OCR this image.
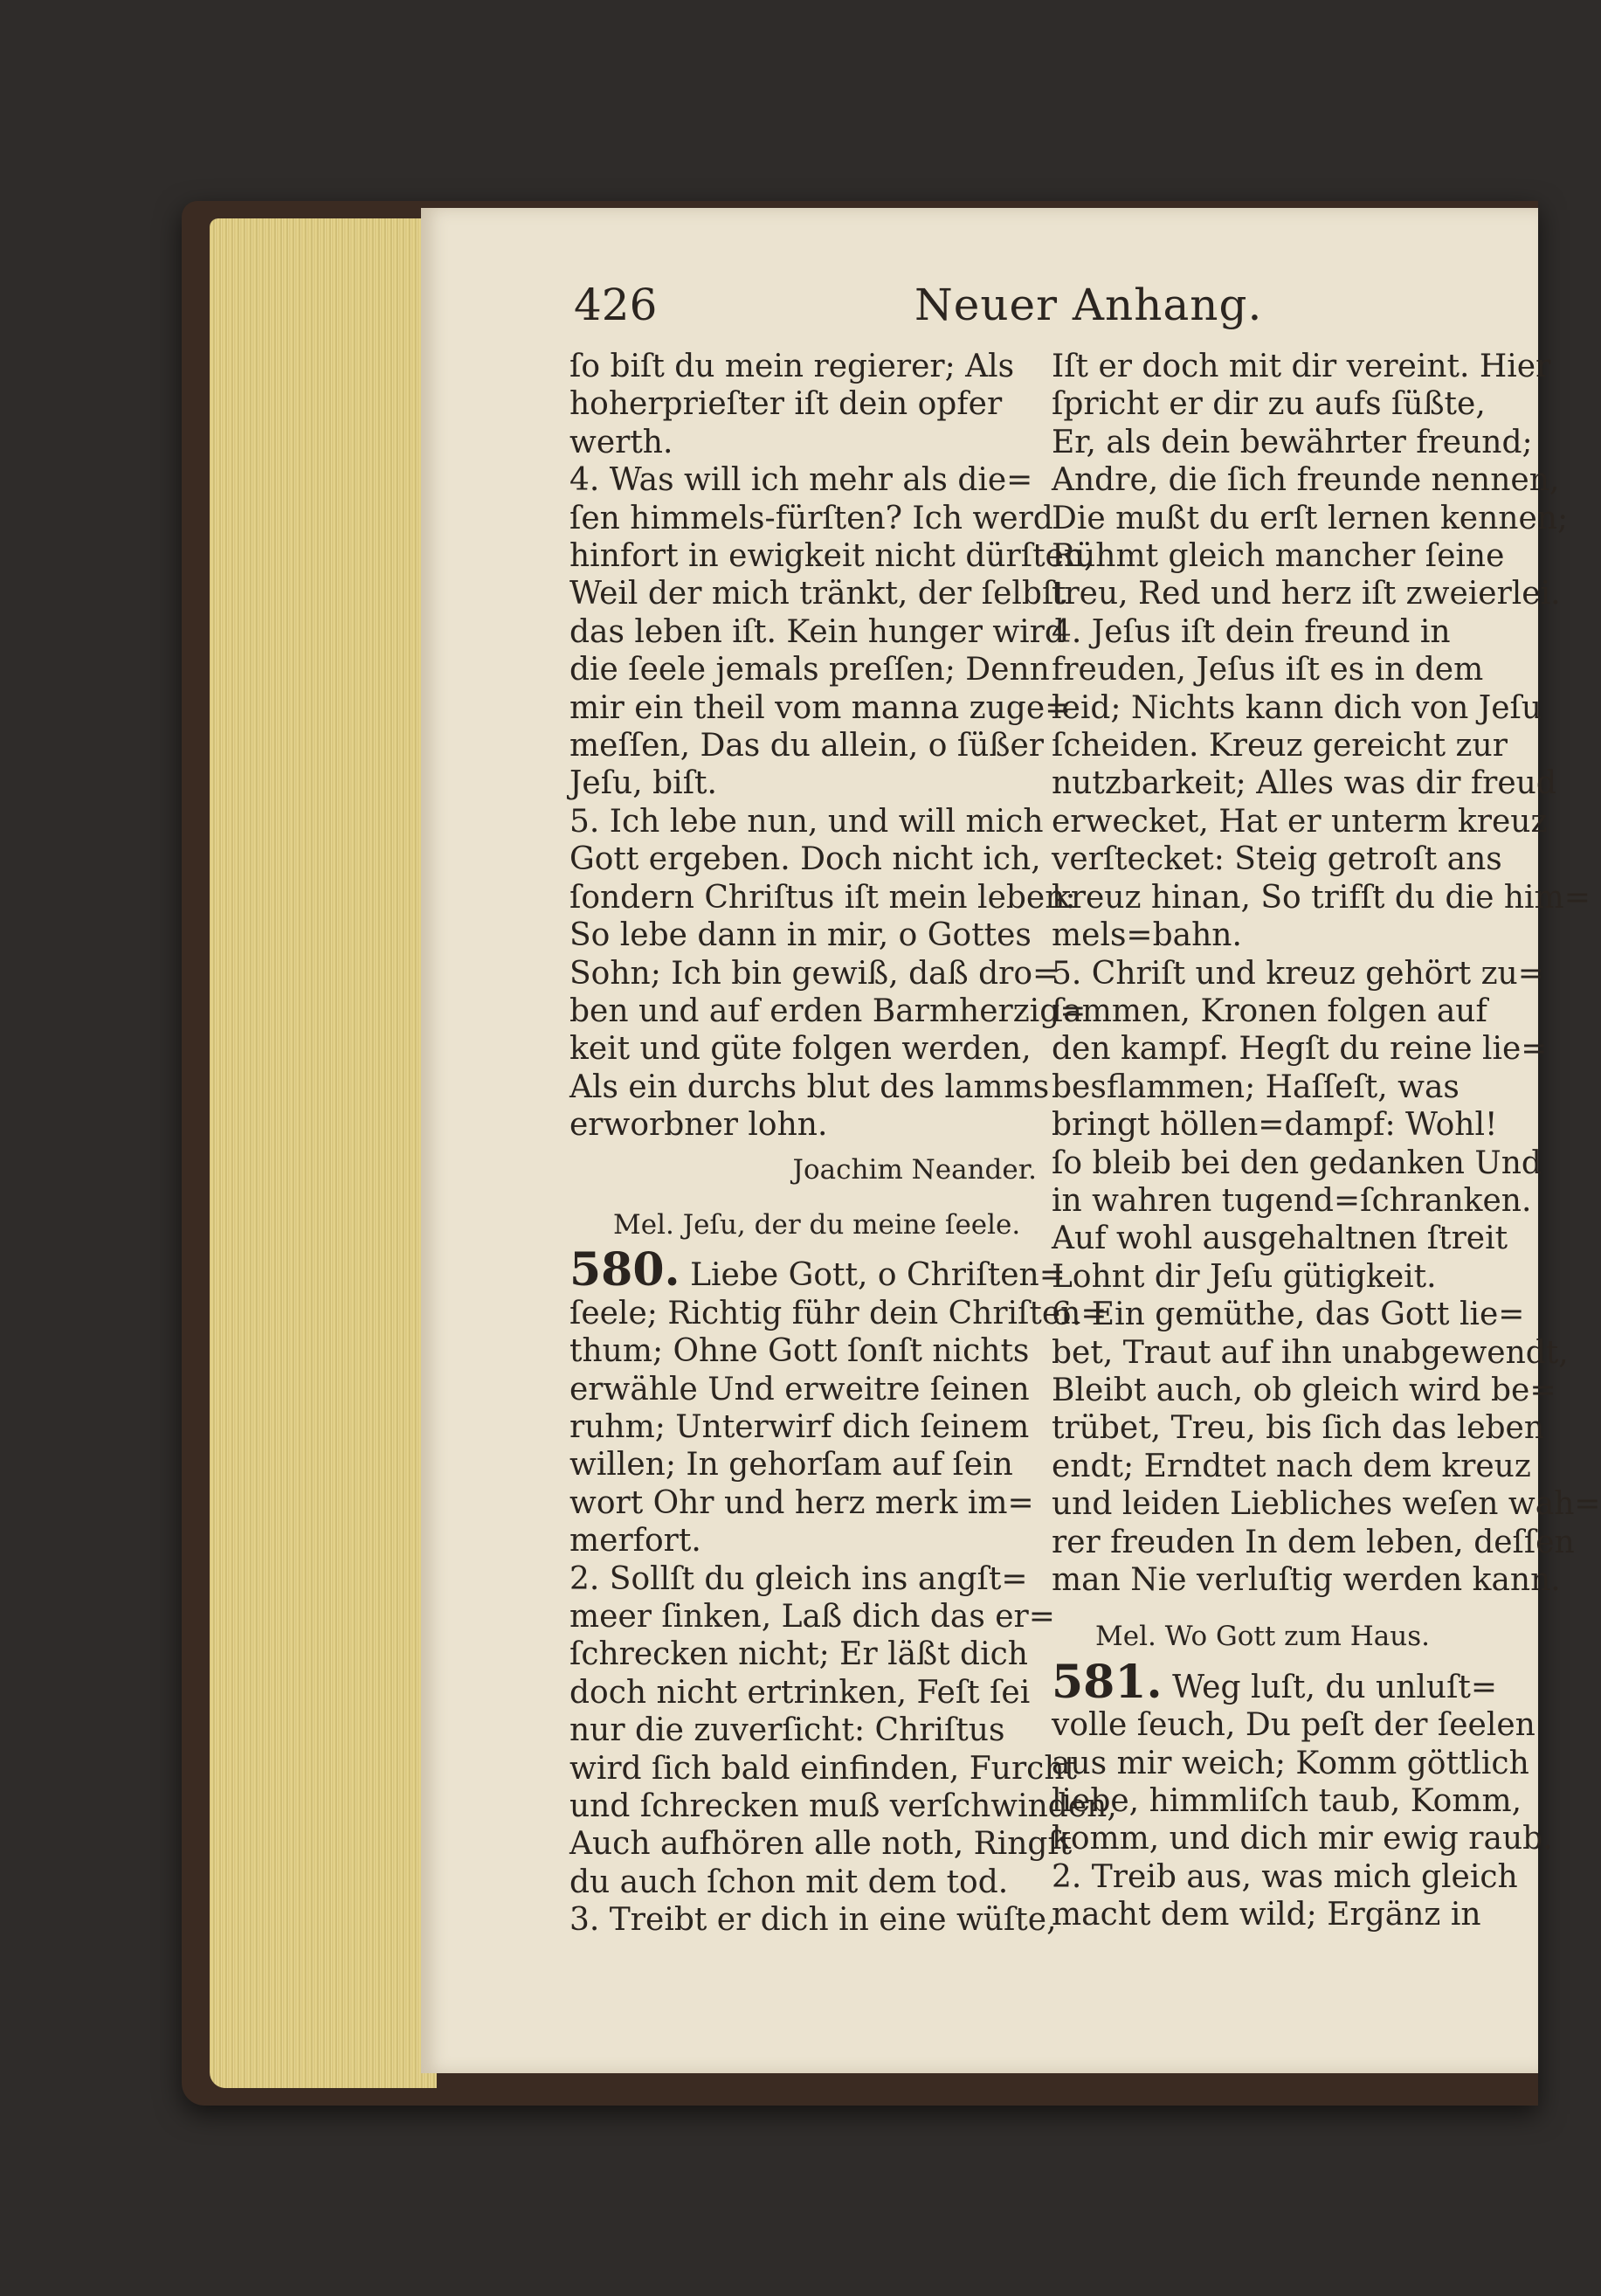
426	Neuer Anhang.
ſo biſt du mein regierer; Als
hoherprieſter iſt dein opfer
werth.
4. Was will ich mehr als die=
ſen himmels-fürſten? Ich werd
hinfort in ewigkeit nicht dürſten,
Weil der mich tränkt, der ſelbſt
das leben iſt. Kein hunger wird
die ſeele jemals preſſen; Denn
mir ein theil vom manna zuge=
meſſen, Das du allein, o ſüßer
Jeſu, biſt.
5. Ich lebe nun, und will mich
Gott ergeben. Doch nicht ich,
ſondern Chriſtus iſt mein leben:
So lebe dann in mir, o Gottes
Sohn; Ich bin gewiß, daß dro=
ben und auf erden Barmherzig=
keit und güte folgen werden,
Als ein durchs blut des lamms
erworbner lohn.
Joachim Neander.
Mel. Jeſu, der du meine ſeele.
580. Liebe Gott, o Chriſten=
ſeele; Richtig führ dein Chriſten=
thum; Ohne Gott ſonſt nichts
erwähle Und erweitre ſeinen
ruhm; Unterwirf dich ſeinem
willen; In gehorſam auf ſein
wort Ohr und herz merk im=
merfort.
2. Sollſt du gleich ins angſt=
meer ſinken, Laß dich das er=
ſchrecken nicht; Er läßt dich
doch nicht ertrinken, Feſt ſei
nur die zuverſicht: Chriſtus
wird ſich bald einfinden, Furcht
und ſchrecken muß verſchwinden,
Auch aufhören alle noth, Ringſt
du auch ſchon mit dem tod.
3. Treibt er dich in eine wüſte,
Iſt er doch mit dir vereint. Hier
ſpricht er dir zu aufs ſüßte,
Er, als dein bewährter freund;
Andre, die ſich freunde nennen,
Die mußt du erſt lernen kennen;
Rühmt gleich mancher ſeine
treu, Red und herz iſt zweierlei.
4. Jeſus iſt dein freund in
freuden, Jeſus iſt es in dem
leid; Nichts kann dich von Jeſu
ſcheiden. Kreuz gereicht zur
nutzbarkeit; Alles was dir freud
erwecket, Hat er unterm kreuz
verſtecket: Steig getroſt ans
kreuz hinan, So trifſt du die him=
mels=bahn.
5. Chriſt und kreuz gehört zu=
ſammen, Kronen folgen auf
den kampf. Hegſt du reine lie=
besflammen; Haſſeſt, was
bringt höllen=dampf: Wohl!
ſo bleib bei den gedanken Und
in wahren tugend=ſchranken.
Auf wohl ausgehaltnen ſtreit
Lohnt dir Jeſu gütigkeit.
6. Ein gemüthe, das Gott lie=
bet, Traut auf ihn unabgewendt,
Bleibt auch, ob gleich wird be=
trübet, Treu, bis ſich das leben
endt; Erndtet nach dem kreuz
und leiden Liebliches weſen wah=
rer freuden In dem leben, deſſen
man Nie verluſtig werden kann.
Mel. Wo Gott zum Haus.
581. Weg luſt, du unluſt=
volle ſeuch, Du peſt der ſeelen
aus mir weich; Komm göttlich
liebe, himmliſch taub, Komm,
komm, und dich mir ewig raub.
2. Treib aus, was mich gleich
macht dem wild; Ergänz in
